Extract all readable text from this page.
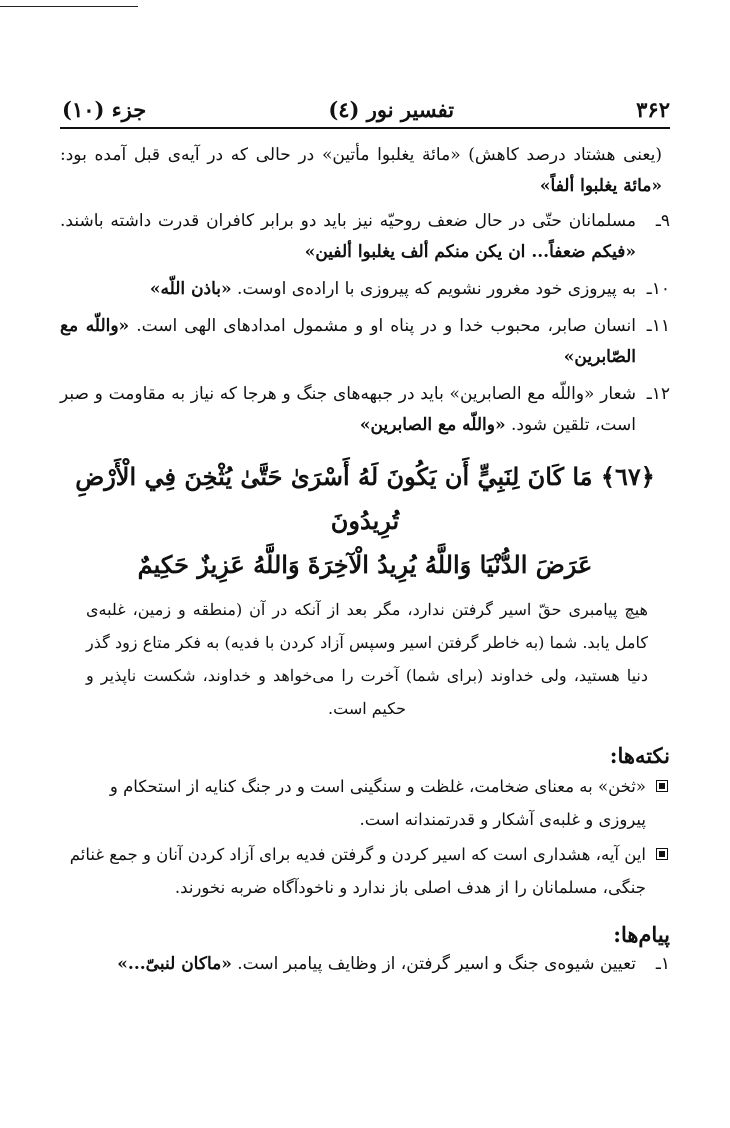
۳۶۲
تفسیر نور (٤)
جزء (۱۰)
(یعنی هشتاد درصد کاهش) «مائة یغلبوا مأتین» در حالی که در آیه‌ی قبل آمده بود: «مائة یغلبوا ألفاً»
۹ـ
مسلمانان حتّی در حال ضعف روحیّه نیز باید دو برابر کافران قدرت داشته باشند. «فیکم ضعفاً... ان یکن منکم ألف یغلبوا ألفین»
۱۰ـ
به پیروزی خود مغرور نشویم که پیروزی با اراده‌ی اوست. «باذن اللّه»
۱۱ـ
انسان صابر، محبوب خدا و در پناه او و مشمول امدادهای الهی است. «واللّه مع الصّابرین»
۱۲ـ
شعار «واللّه مع الصابرین» باید در جبهه‌های جنگ و هرجا که نیاز به مقاومت و صبر است، تلقین شود. «واللّه مع الصابرین»
﴿٦٧﴾ مَا كَانَ لِنَبِيٍّ أَن يَكُونَ لَهُ أَسْرَىٰ حَتَّىٰ يُثْخِنَ فِي الْأَرْضِ تُرِيدُونَ
عَرَضَ الدُّنْيَا وَاللَّهُ يُرِيدُ الْآخِرَةَ وَاللَّهُ عَزِيزٌ حَكِيمٌ
هیچ پیامبری حقّ اسیر گرفتن ندارد، مگر بعد از آنکه در آن (منطقه و زمین، غلبه‌ی کامل یابد. شما (به خاطر گرفتن اسیر وسپس آزاد کردن با فدیه) به فکر متاع زود گذر دنیا هستید، ولی خداوند (برای شما) آخرت را می‌خواهد و خداوند، شکست ناپذیر و حکیم است.
نکته‌ها:
«ثخن» به معنای ضخامت، غلظت و سنگینی است و در جنگ کنایه از استحکام و پیروزی و غلبه‌ی آشکار و قدرتمندانه است.
این آیه، هشداری است که اسیر کردن و گرفتن فدیه برای آزاد کردن آنان و جمع غنائم جنگی، مسلمانان را از هدف اصلی باز ندارد و ناخودآگاه ضربه نخورند.
پیام‌ها:
۱ـ
تعیین شیوه‌ی جنگ و اسیر گرفتن، از وظایف پیامبر است. «ماکان لنبیّ...»
